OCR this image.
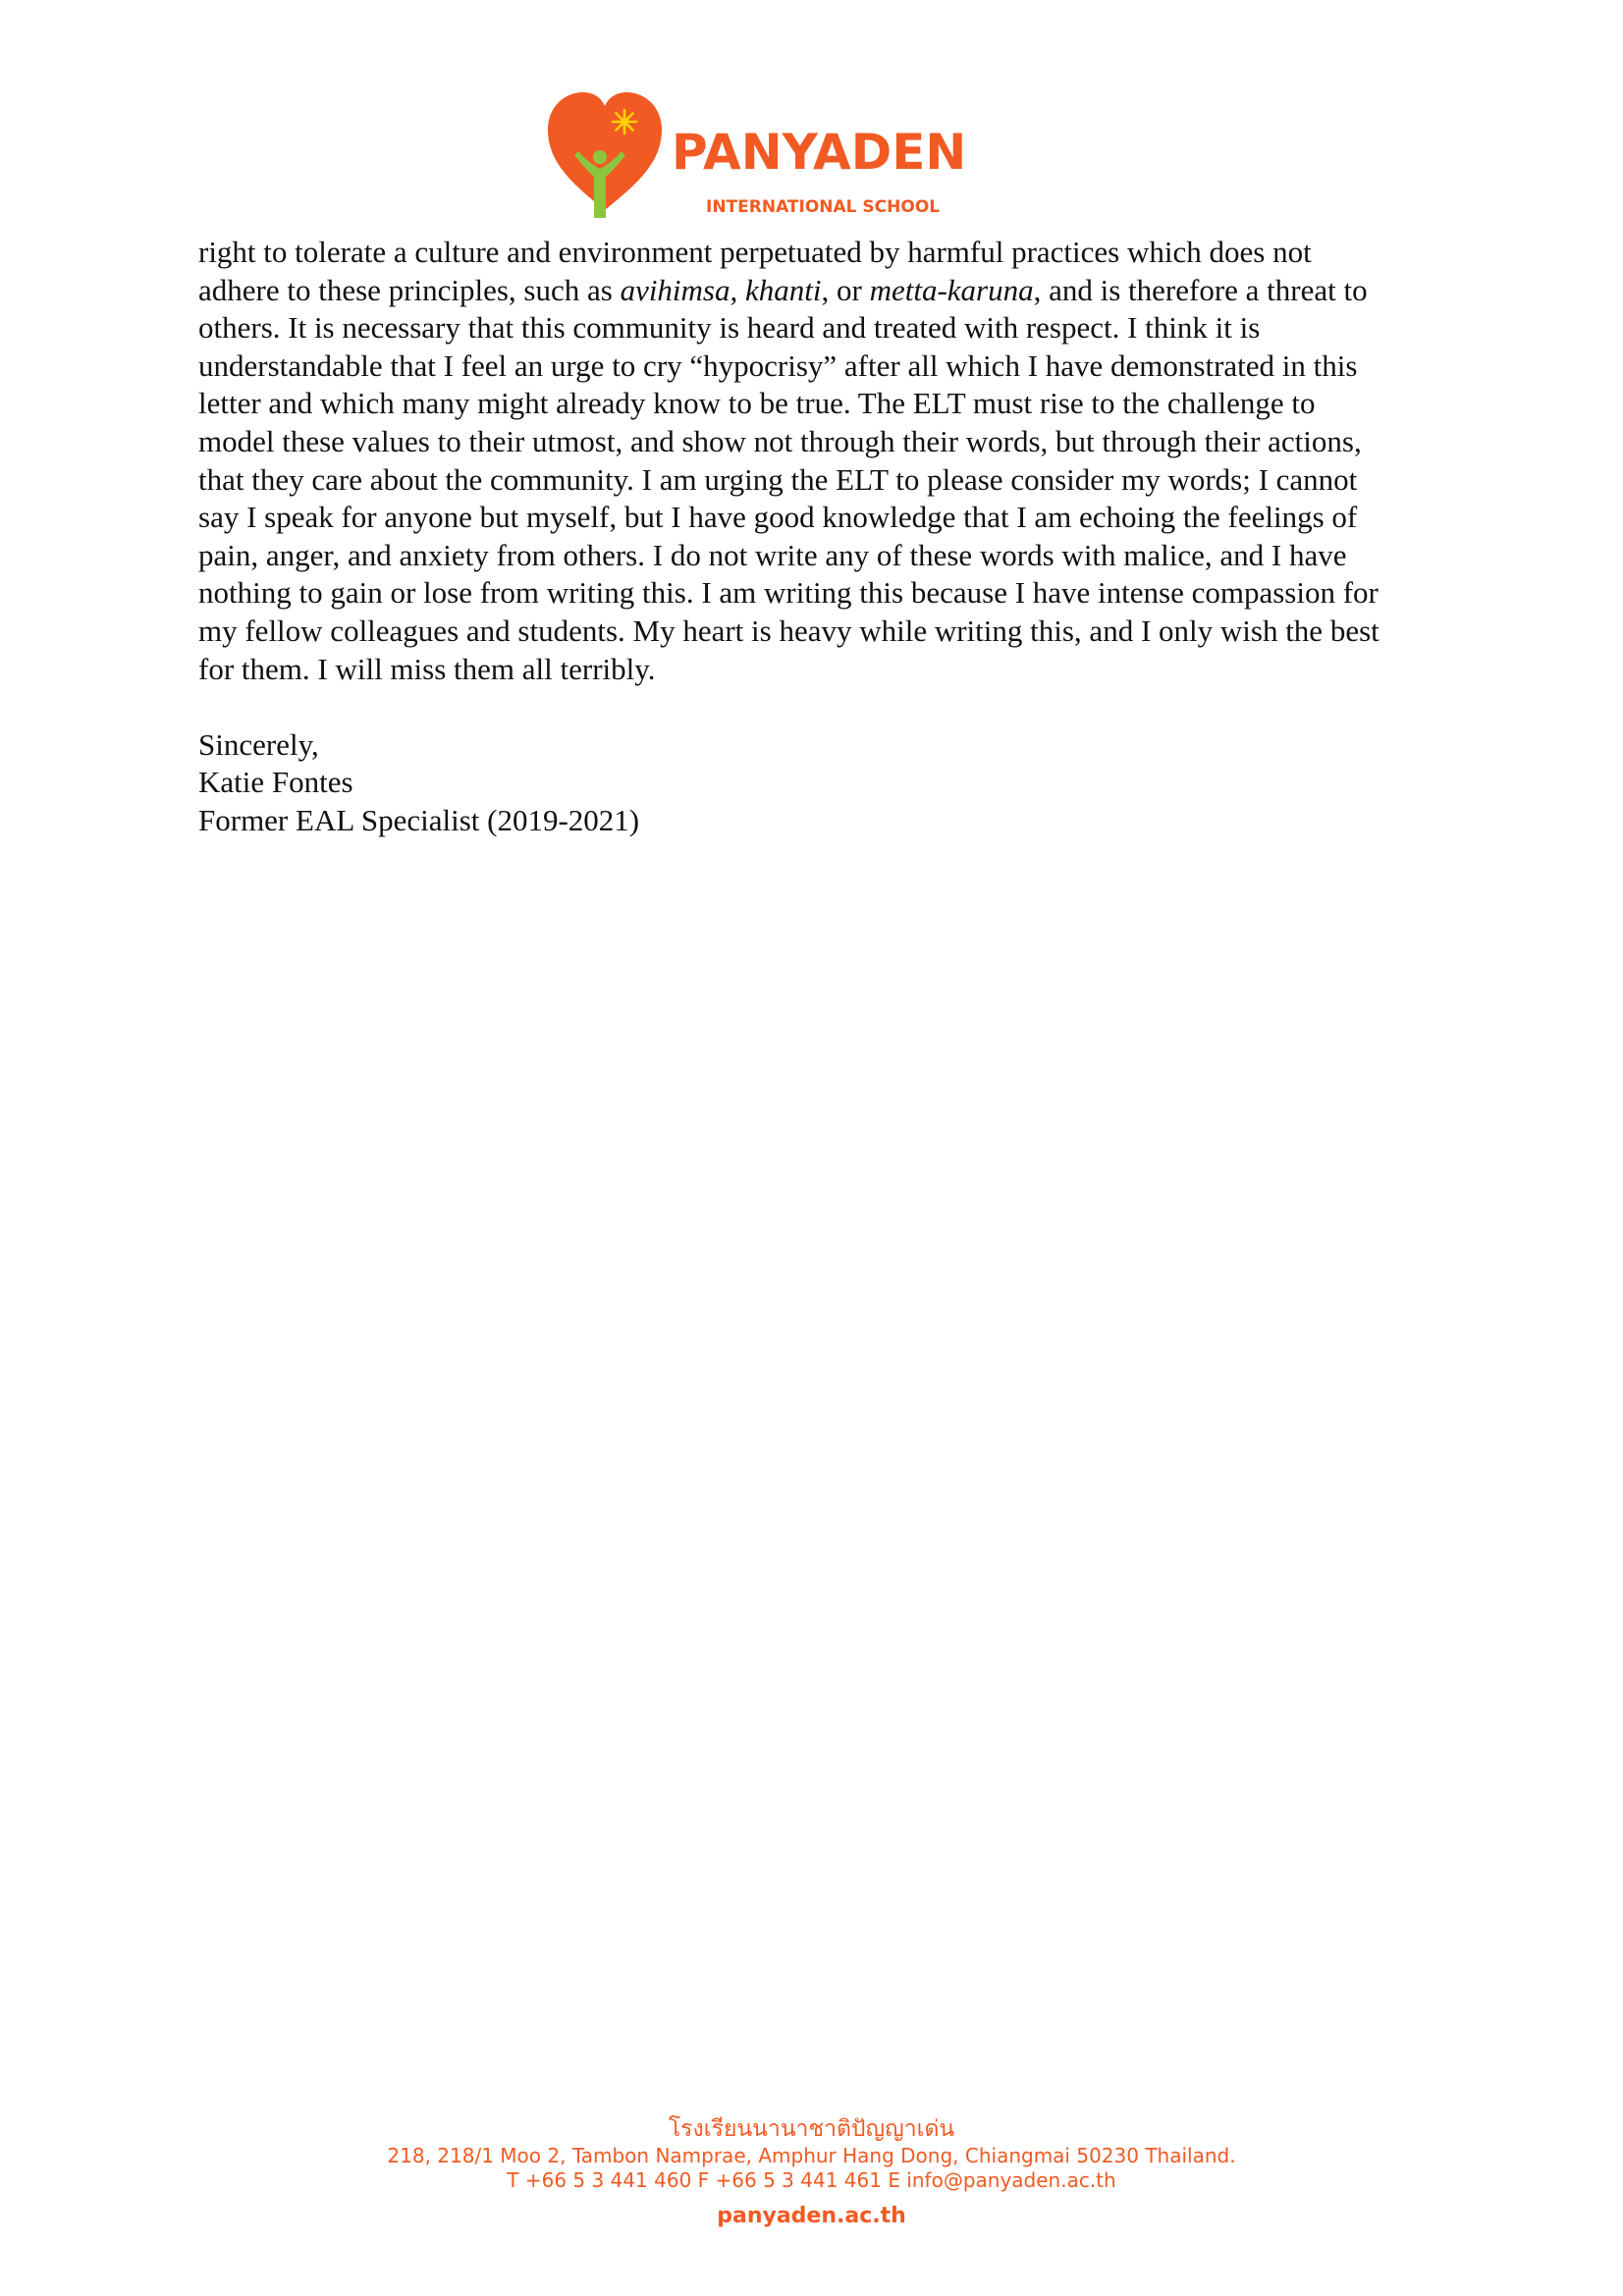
PANYADEN
INTERNATIONAL SCHOOL
right to tolerate a culture and environment perpetuated by harmful practices which does not
adhere to these principles, such as avihimsa, khanti, or metta-karuna, and is therefore a threat to
others. It is necessary that this community is heard and treated with respect. I think it is
understandable that I feel an urge to cry “hypocrisy” after all which I have demonstrated in this
letter and which many might already know to be true. The ELT must rise to the challenge to
model these values to their utmost, and show not through their words, but through their actions,
that they care about the community. I am urging the ELT to please consider my words; I cannot
say I speak for anyone but myself, but I have good knowledge that I am echoing the feelings of
pain, anger, and anxiety from others. I do not write any of these words with malice, and I have
nothing to gain or lose from writing this. I am writing this because I have intense compassion for
my fellow colleagues and students. My heart is heavy while writing this, and I only wish the best
for them. I will miss them all terribly.
Sincerely,
Katie Fontes
Former EAL Specialist (2019-2021)
โรงเรียนนานาชาติปัญญาเด่น
218, 218/1 Moo 2, Tambon Namprae, Amphur Hang Dong, Chiangmai 50230 Thailand.
T +66 5 3 441 460 F +66 5 3 441 461 E info@panyaden.ac.th
panyaden.ac.th
